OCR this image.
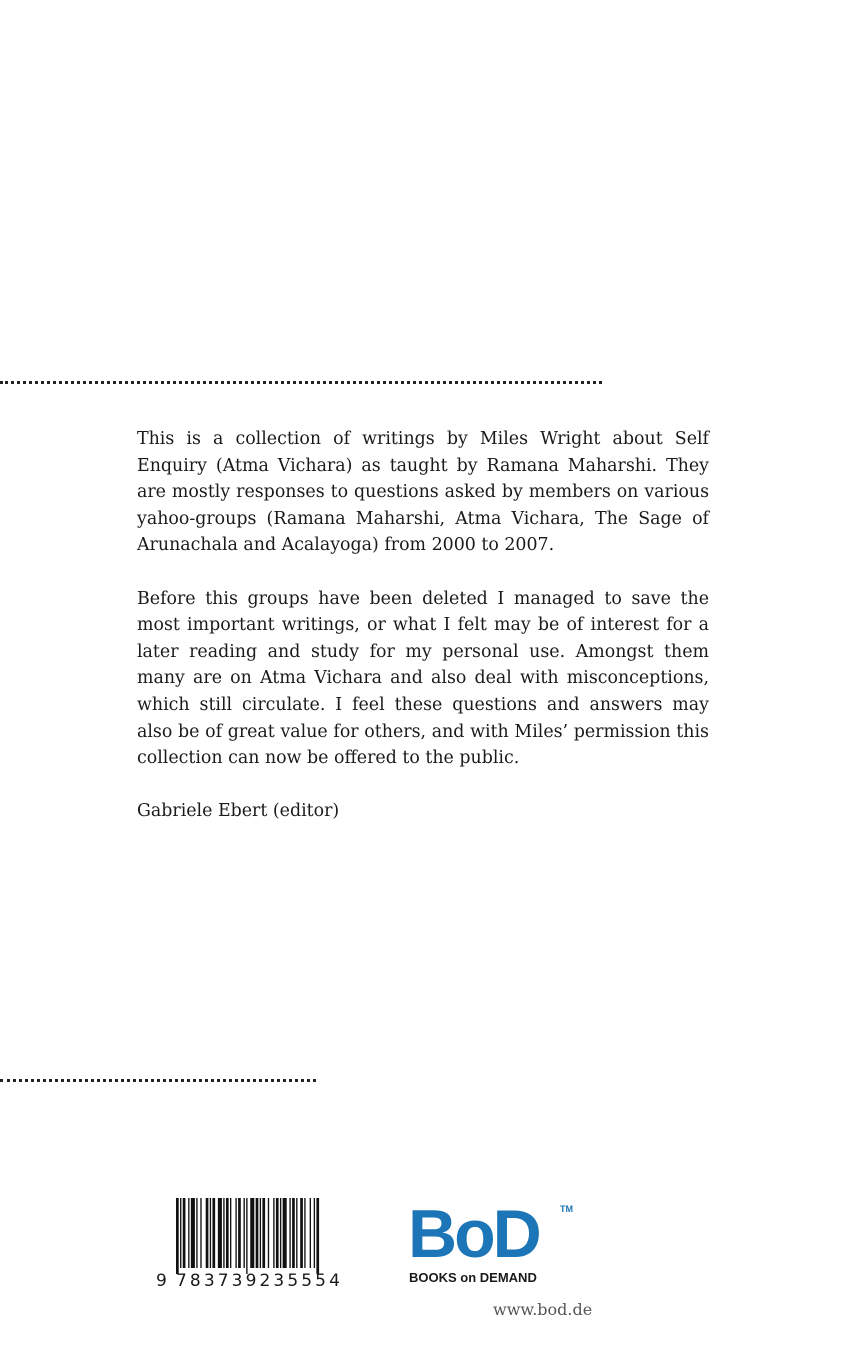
This is a collection of writings by Miles Wright about Self Enquiry (Atma Vichara) as taught by Ramana Maharshi. They are mostly responses to questions asked by members on various yahoo-groups (Ramana Maharshi, Atma Vichara, The Sage of Arunachala and Acalayoga) from 2000 to 2007.

Before this groups have been deleted I managed to save the most important writings, or what I felt may be of interest for a later reading and study for my personal use. Amongst them many are on Atma Vichara and also deal with misconceptions, which still circulate. I feel these questions and answers may also be of great value for others, and with Miles’ permission this collection can now be offered to the public.

Gabriele Ebert (editor)

9 783739235554
BoD TM
BOOKS on DEMAND
www.bod.de
